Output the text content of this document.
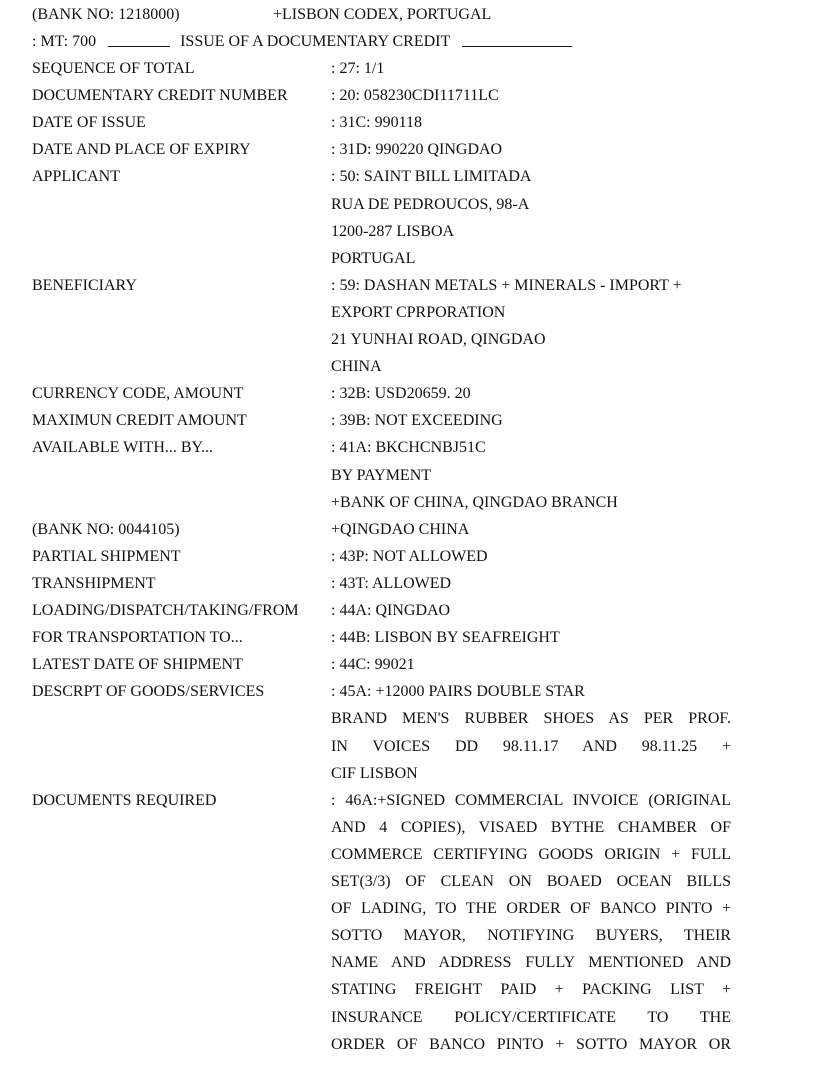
(BANK NO: 1218000)	+LISBON CODEX, PORTUGAL
: MT: 700	ISSUE OF A DOCUMENTARY CREDIT
SEQUENCE OF TOTAL	: 27: 1/1
DOCUMENTARY CREDIT NUMBER	: 20: 058230CDI11711LC
DATE OF ISSUE	: 31C: 990118
DATE AND PLACE OF EXPIRY	: 31D: 990220 QINGDAO
APPLICANT	: 50: SAINT BILL LIMITADA
RUA DE PEDROUCOS, 98-A
1200-287 LISBOA
PORTUGAL
BENEFICIARY	: 59: DASHAN METALS + MINERALS - IMPORT +
EXPORT CPRPORATION
21 YUNHAI ROAD, QINGDAO
CHINA
CURRENCY CODE, AMOUNT	: 32B: USD20659. 20
MAXIMUN CREDIT AMOUNT	: 39B: NOT EXCEEDING
AVAILABLE WITH... BY...	: 41A: BKCHCNBJ51C
BY PAYMENT
+BANK OF CHINA, QINGDAO BRANCH
(BANK NO: 0044105)	+QINGDAO CHINA
PARTIAL SHIPMENT	: 43P: NOT ALLOWED
TRANSHIPMENT	: 43T: ALLOWED
LOADING/DISPATCH/TAKING/FROM : 44A: QINGDAO
FOR TRANSPORTATION TO...	: 44B: LISBON BY SEAFREIGHT
LATEST DATE OF SHIPMENT	: 44C: 99021
DESCRPT OF GOODS/SERVICES	: 45A: +12000 PAIRS DOUBLE STAR
BRAND MEN'S RUBBER SHOES AS PER PROF.
IN VOICES DD 98.11.17 AND 98.11.25 +
CIF LISBON
DOCUMENTS REQUIRED	: 46A:+SIGNED COMMERCIAL INVOICE (ORIGINAL
AND 4 COPIES), VISAED BYTHE CHAMBER OF
COMMERCE CERTIFYING GOODS ORIGIN + FULL
SET(3/3) OF CLEAN ON BOAED OCEAN BILLS
OF LADING, TO THE ORDER OF BANCO PINTO +
SOTTO MAYOR, NOTIFYING BUYERS, THEIR
NAME AND ADDRESS FULLY MENTIONED AND
STATING FREIGHT PAID + PACKING LIST +
INSURANCE POLICY/CERTIFICATE TO THE
ORDER OF BANCO PINTO + SOTTO MAYOR OR
